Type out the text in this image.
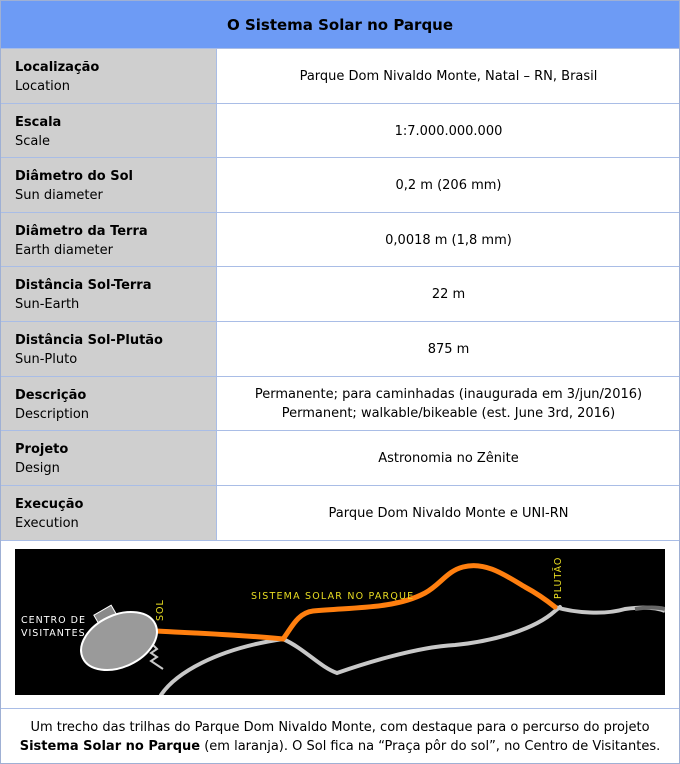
O Sistema Solar no Parque
Localização
Location
Parque Dom Nivaldo Monte, Natal – RN, Brasil
Escala
Scale
1:7.000.000.000
Diâmetro do Sol
Sun diameter
0,2 m (206 mm)
Diâmetro da Terra
Earth diameter
0,0018 m (1,8 mm)
Distância Sol-Terra
Sun-Earth
22 m
Distância Sol-Plutão
Sun-Pluto
875 m
Descrição
Description
Permanente; para caminhadas (inaugurada em 3/jun/2016)
Permanent; walkable/bikeable (est. June 3rd, 2016)
Projeto
Design
Astronomia no Zênite
Execução
Execution
Parque Dom Nivaldo Monte e UNI-RN
CENTRO DE
VISITANTES
SOL
SISTEMA SOLAR NO PARQUE	PLUTÃO
Um trecho das trilhas do Parque Dom Nivaldo Monte, com destaque para o percurso do projeto
Sistema Solar no Parque (em laranja). O Sol fica na “Praça pôr do sol”, no Centro de Visitantes.
